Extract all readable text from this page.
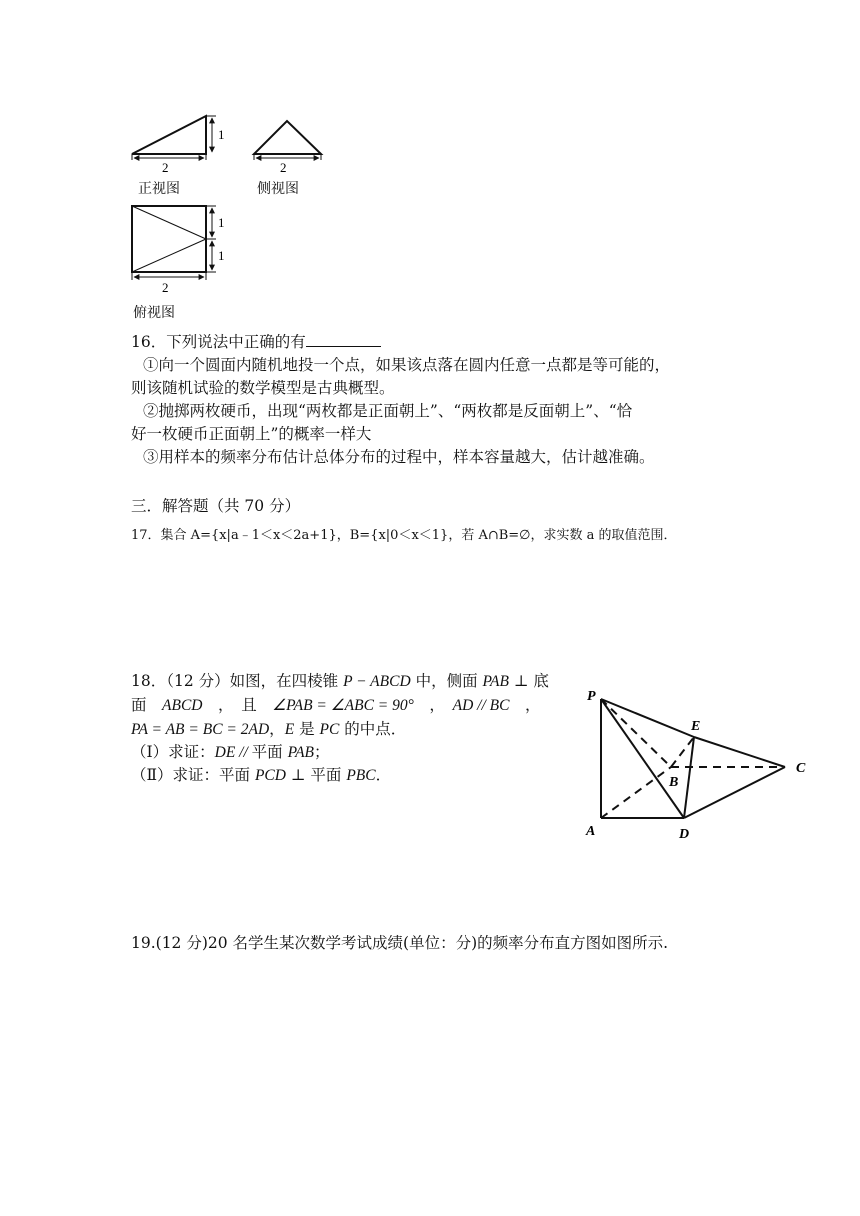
2
1
2
1
1
2
正视图	侧视图
俯视图
16．下列说法中正确的有
①向一个圆面内随机地投一个点，如果该点落在圆内任意一点都是等可能的，
则该随机试验的数学模型是古典概型。
②抛掷两枚硬币，出现“两枚都是正面朝上”、“两枚都是反面朝上”、“恰
好一枚硬币正面朝上”的概率一样大
③用样本的频率分布估计总体分布的过程中，样本容量越大，估计越准确。
三．解答题（共 70 分）
17．集合 A={x|a﹣1＜x＜2a+1}，B={x|0＜x＜1}，若 A∩B=∅，求实数 a 的取值范围．
18．（12 分）如图，在四棱锥 P − ABCD 中，侧面 PAB ⊥ 底
面　ABCD　，　且　∠PAB = ∠ABC = 90°　，　AD // BC　，
PA = AB = BC = 2AD，E 是 PC 的中点．
（Ⅰ）求证：DE // 平面 PAB；
（Ⅱ）求证：平面 PCD ⊥ 平面 PBC．
P
E
B
C
A	D
19.(12 分)20 名学生某次数学考试成绩(单位：分)的频率分布直方图如图所示.
